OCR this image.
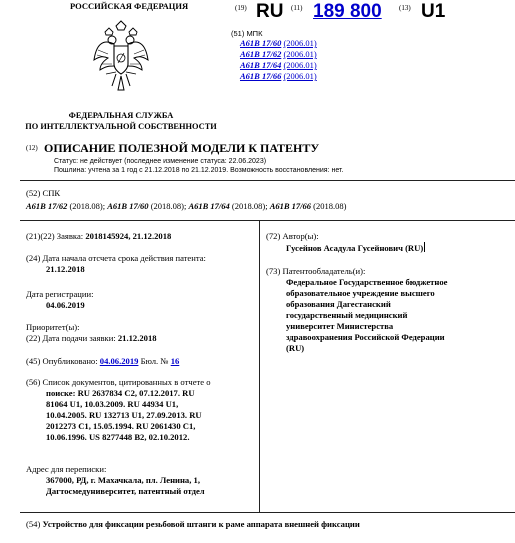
РОССИЙСКАЯ ФЕДЕРАЦИЯ
ФЕДЕРАЛЬНАЯ СЛУЖБА
ПО ИНТЕЛЛЕКТУАЛЬНОЙ СОБСТВЕННОСТИ
(19) RU (11) 189 800 (13) U1
(51) МПК
A61B 17/60 (2006.01)
A61B 17/62 (2006.01)
A61B 17/64 (2006.01)
A61B 17/66 (2006.01)
(12) ОПИСАНИЕ ПОЛЕЗНОЙ МОДЕЛИ К ПАТЕНТУ
Статус: не действует (последнее изменение статуса: 22.06.2023)
Пошлина: учтена за 1 год с 21.12.2018 по 21.12.2019. Возможность восстановления: нет.
(52) СПК
A61B 17/62 (2018.08); A61B 17/60 (2018.08); A61B 17/64 (2018.08); A61B 17/66 (2018.08)
(21)(22) Заявка: 2018145924, 21.12.2018
(24) Дата начала отсчета срока действия патента:
21.12.2018
Дата регистрации:
04.06.2019
Приоритет(ы):
(22) Дата подачи заявки: 21.12.2018
(45) Опубликовано: 04.06.2019 Бюл. № 16
(56) Список документов, цитированных в отчете о
поиске: RU 2637834 C2, 07.12.2017. RU
81064 U1, 10.03.2009. RU 44934 U1,
10.04.2005. RU 132713 U1, 27.09.2013. RU
2012273 C1, 15.05.1994. RU 2061430 C1,
10.06.1996. US 8277448 B2, 02.10.2012.
Адрес для переписки:
367000, РД, г. Махачкала, пл. Ленина, 1,
Дагтосмедуниверситет, патентный отдел
(72) Автор(ы):
Гусейнов Асадула Гусейнович (RU)
(73) Патентообладатель(и):
Федеральное Государственное бюджетное
образовательное учреждение высшего
образования Дагестанский
государственный медицинский
университет Министерства
здравоохранения Российской Федерации
(RU)
(54) Устройство для фиксации резьбовой штанги к раме аппарата внешней фиксации
